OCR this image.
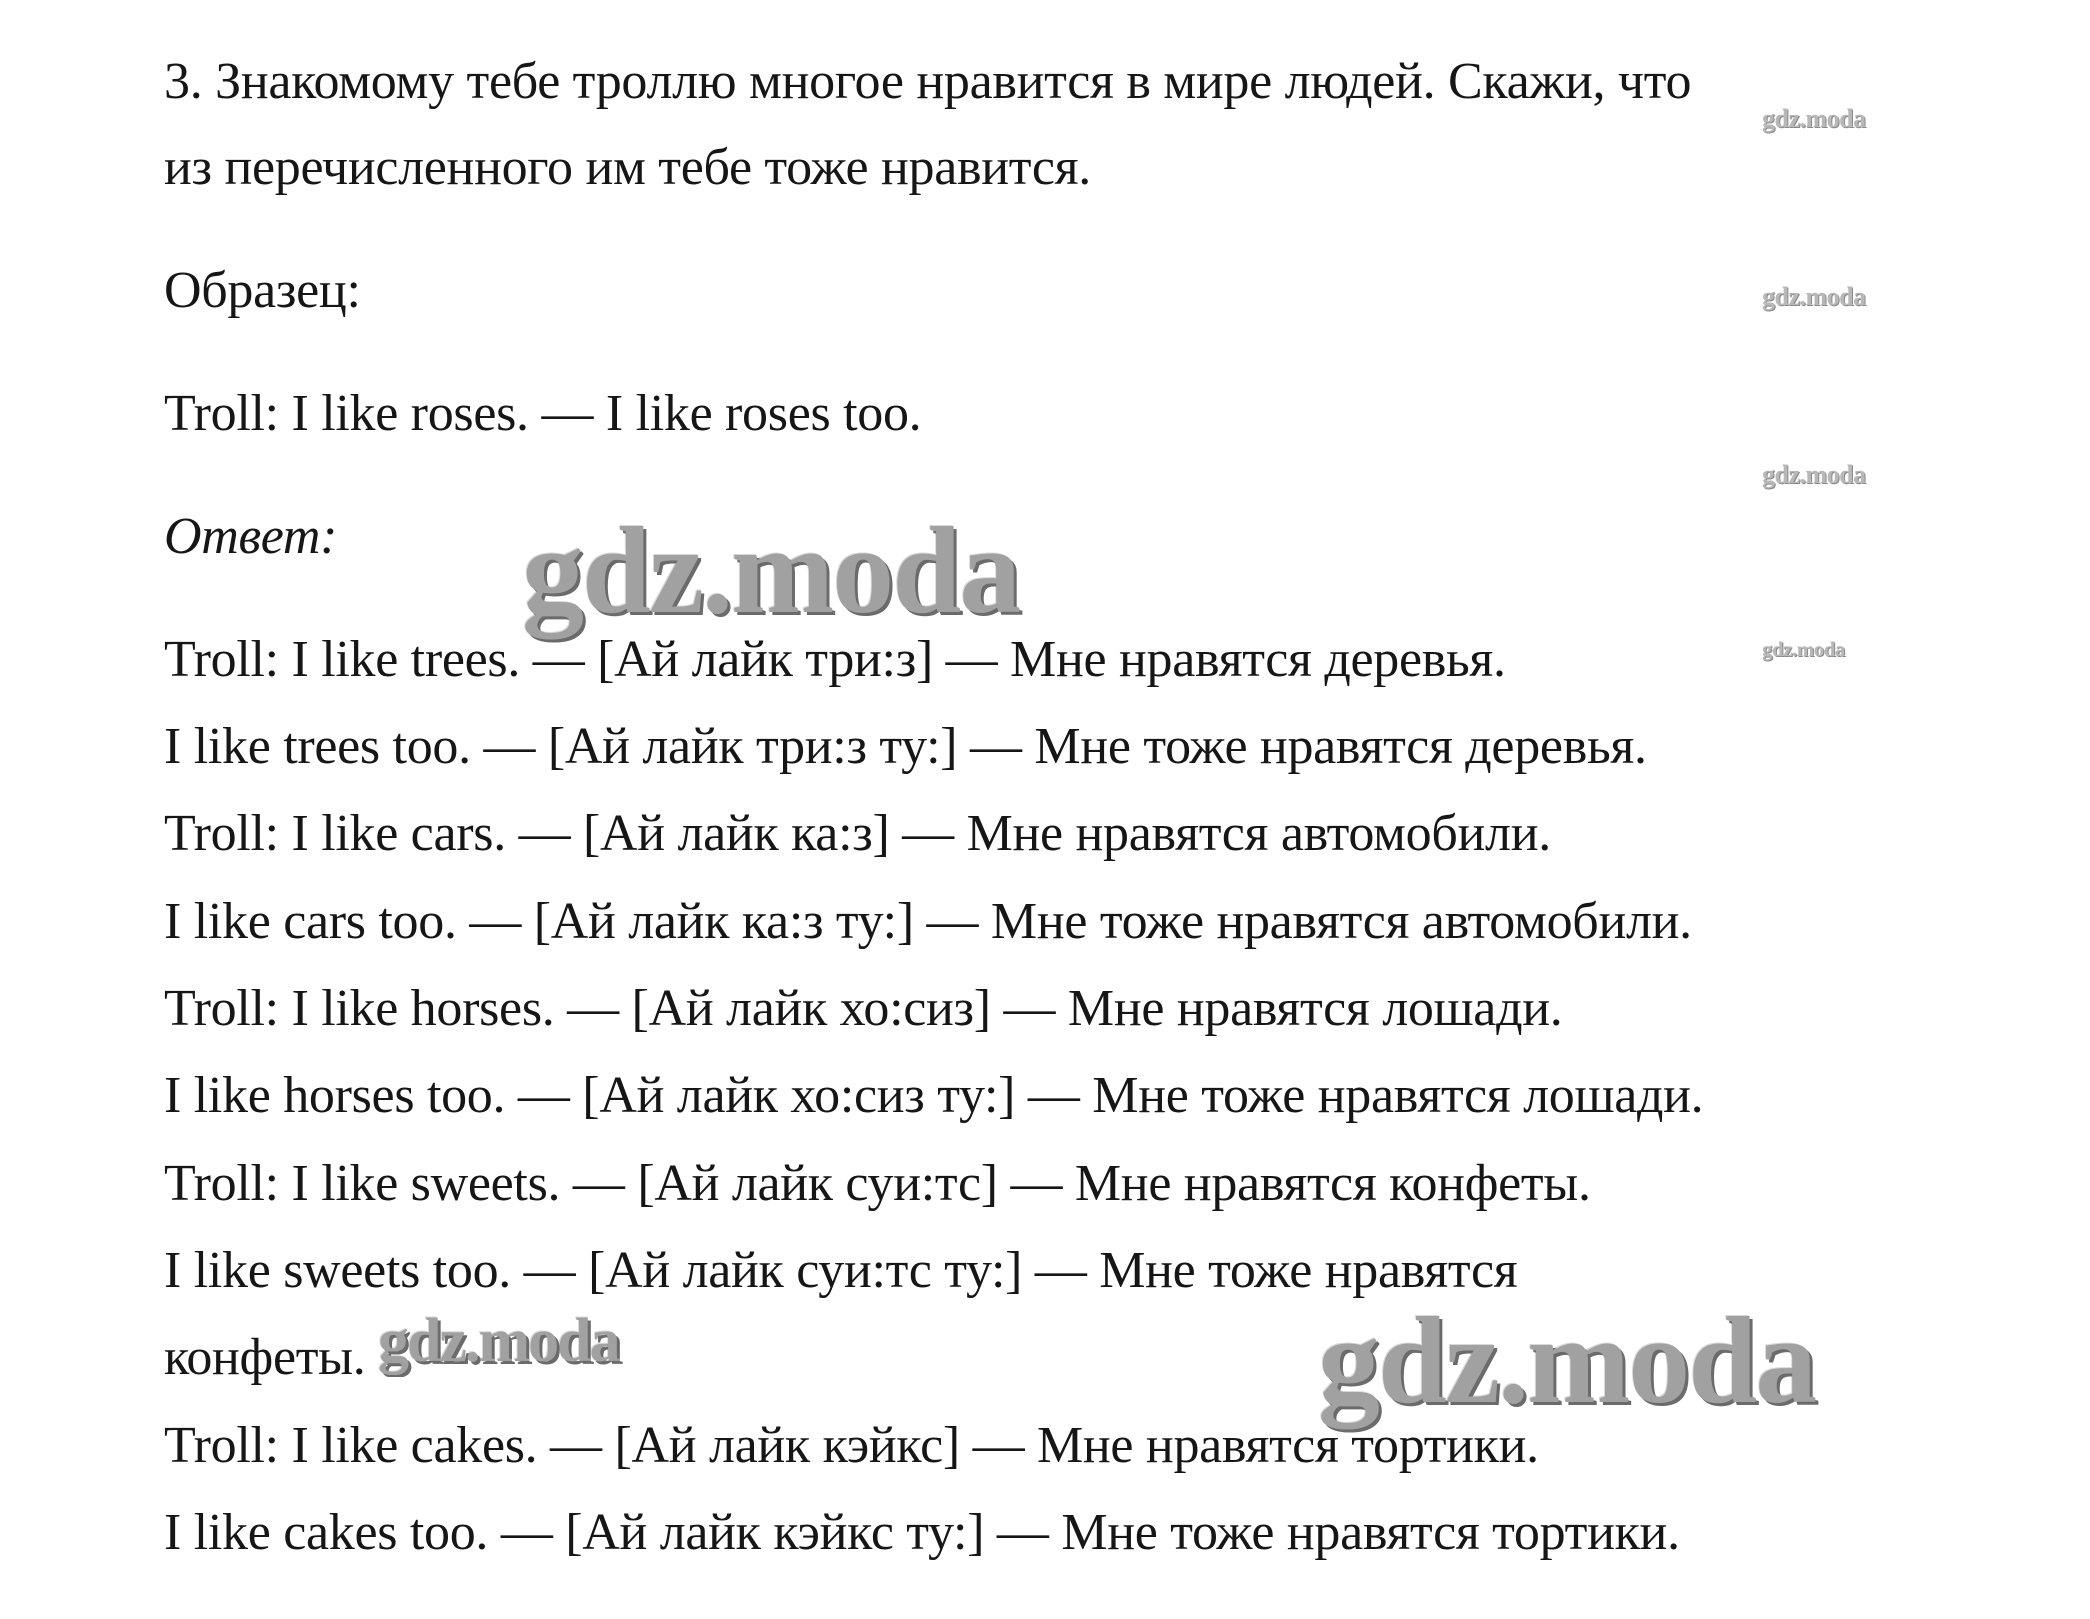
3. Знакомому тебе троллю многое нравится в мире людей. Скажи, что

из перечисленного им тебе тоже нравится.

Образец:

Troll: I like roses. — I like roses too.

Ответ:

Troll: I like trees. — [Ай лайк три:з] — Мне нравятся деревья.

I like trees too. — [Ай лайк три:з ту:] — Мне тоже нравятся деревья.

Troll: I like cars. — [Ай лайк ка:з] — Мне нравятся автомобили.

I like cars too. — [Ай лайк ка:з ту:] — Мне тоже нравятся автомобили.

Troll: I like horses. — [Ай лайк хо:сиз] — Мне нравятся лошади.

I like horses too. — [Ай лайк хо:сиз ту:] — Мне тоже нравятся лошади.

Troll: I like sweets. — [Ай лайк суи:тс] — Мне нравятся конфеты.

I like sweets too. — [Ай лайк суи:тс ту:] — Мне тоже нравятся

конфеты.

Troll: I like cakes. — [Ай лайк кэйкс] — Мне нравятся тортики.

I like cakes too. — [Ай лайк кэйкс ту:] — Мне тоже нравятся тортики.

gdz.moda
gdz.moda
gdz.moda
gdz.moda
gdz.moda
gdz.moda	gdz.moda
